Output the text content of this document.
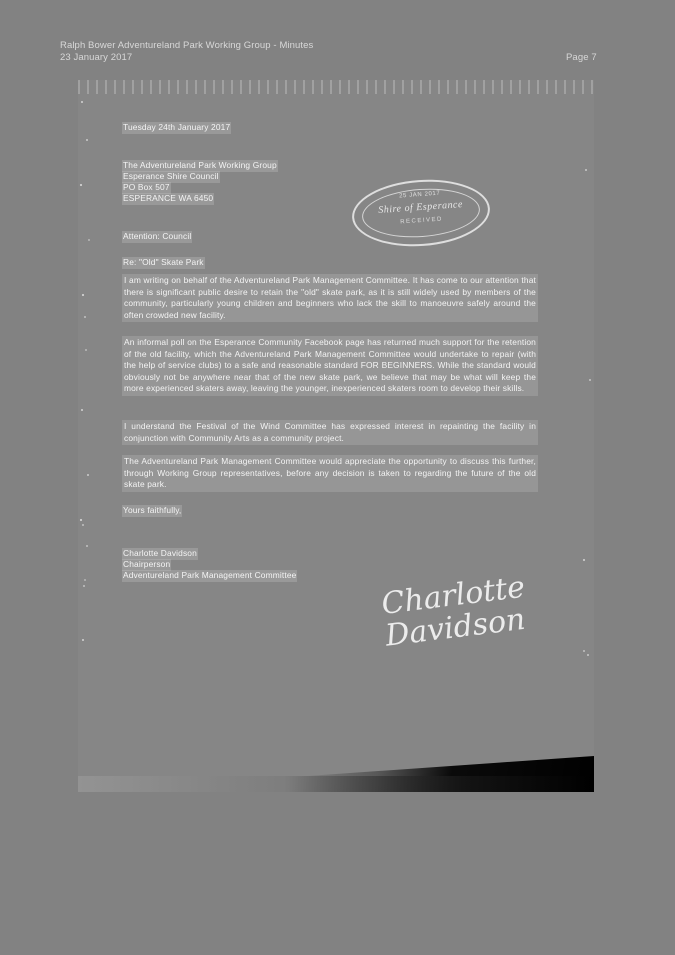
Ralph Bower Adventureland Park Working Group - Minutes
23 January 2017	Page 7
25 JAN 2017
Shire of Esperance
RECEIVED
Tuesday 24th January 2017
The Adventureland Park Working Group
Esperance Shire Council
PO Box 507
ESPERANCE WA 6450
Attention: Council
Re: "Old" Skate Park
I am writing on behalf of the Adventureland Park Management Committee. It has come to our attention that there is significant public desire to retain the "old" skate park, as it is still widely used by members of the community, particularly young children and beginners who lack the skill to manoeuvre safely around the often crowded new facility.
An informal poll on the Esperance Community Facebook page has returned much support for the retention of the old facility, which the Adventureland Park Management Committee would undertake to repair (with the help of service clubs) to a safe and reasonable standard FOR BEGINNERS. While the standard would obviously not be anywhere near that of the new skate park, we believe that may be what will keep the more experienced skaters away, leaving the younger, inexperienced skaters room to develop their skills.
I understand the Festival of the Wind Committee has expressed interest in repainting the facility in conjunction with Community Arts as a community project.
The Adventureland Park Management Committee would appreciate the opportunity to discuss this further, through Working Group representatives, before any decision is taken to regarding the future of the old skate park.
Yours faithfully,
Charlotte Davidson
Chairperson
Adventureland Park Management Committee	Charlotte Davidson
